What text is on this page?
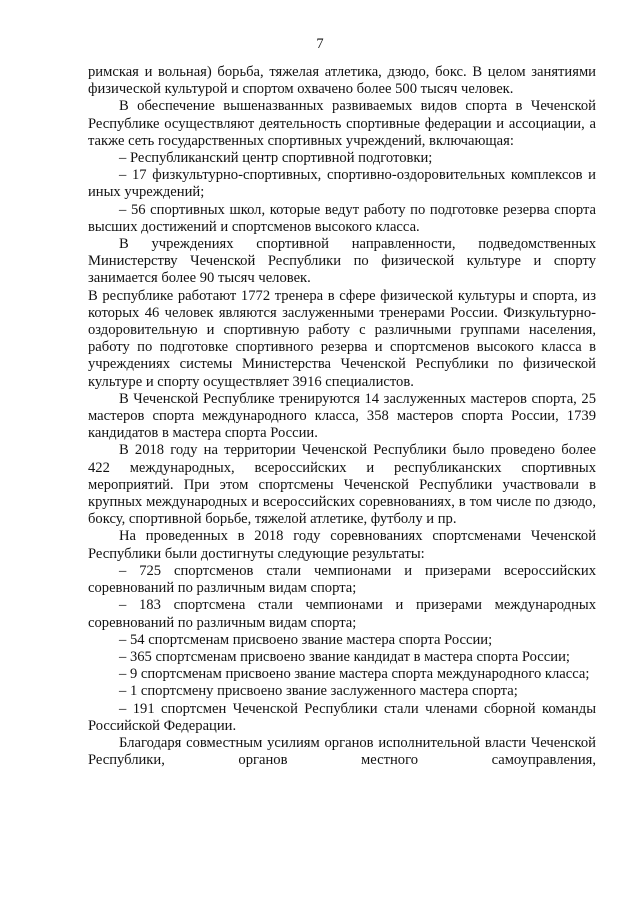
7

римская и вольная) борьба, тяжелая атлетика, дзюдо, бокс. В целом занятиями физической культурой и спортом охвачено более 500 тысяч человек.

В обеспечение вышеназванных развиваемых видов спорта в Чеченской Республике осуществляют деятельность спортивные федерации и ассоциации, а также сеть государственных спортивных учреждений, включающая:

– Республиканский центр спортивной подготовки;

– 17 физкультурно-спортивных, спортивно-оздоровительных комплексов и иных учреждений;

– 56 спортивных школ, которые ведут работу по подготовке резерва спорта высших достижений и спортсменов высокого класса.

В учреждениях спортивной направленности, подведомственных Министерству Чеченской Республики по физической культуре и спорту занимается более 90 тысяч человек.

В республике работают 1772 тренера в сфере физической культуры и спорта, из которых 46 человек являются заслуженными тренерами России. Физкультурно-оздоровительную и спортивную работу с различными группами населения, работу по подготовке спортивного резерва и спортсменов высокого класса в учреждениях системы Министерства Чеченской Республики по физической культуре и спорту осуществляет 3916 специалистов.

В Чеченской Республике тренируются 14 заслуженных мастеров спорта, 25 мастеров спорта международного класса, 358 мастеров спорта России, 1739 кандидатов в мастера спорта России.

В 2018 году на территории Чеченской Республики было проведено более 422 международных, всероссийских и республиканских спортивных мероприятий. При этом спортсмены Чеченской Республики участвовали в крупных международных и всероссийских соревнованиях, в том числе по дзюдо, боксу, спортивной борьбе, тяжелой атлетике, футболу и пр.

На проведенных в 2018 году соревнованиях спортсменами Чеченской Республики были достигнуты следующие результаты:

– 725 спортсменов стали чемпионами и призерами всероссийских соревнований по различным видам спорта;

– 183 спортсмена стали чемпионами и призерами международных соревнований по различным видам спорта;

– 54 спортсменам присвоено звание мастера спорта России;

– 365 спортсменам присвоено звание кандидат в мастера спорта России;

– 9 спортсменам присвоено звание мастера спорта международного класса;

– 1 спортсмену присвоено звание заслуженного мастера спорта;

– 191 спортсмен Чеченской Республики стали членами сборной команды Российской Федерации.

Благодаря совместным усилиям органов исполнительной власти Чеченской Республики, органов местного самоуправления,
